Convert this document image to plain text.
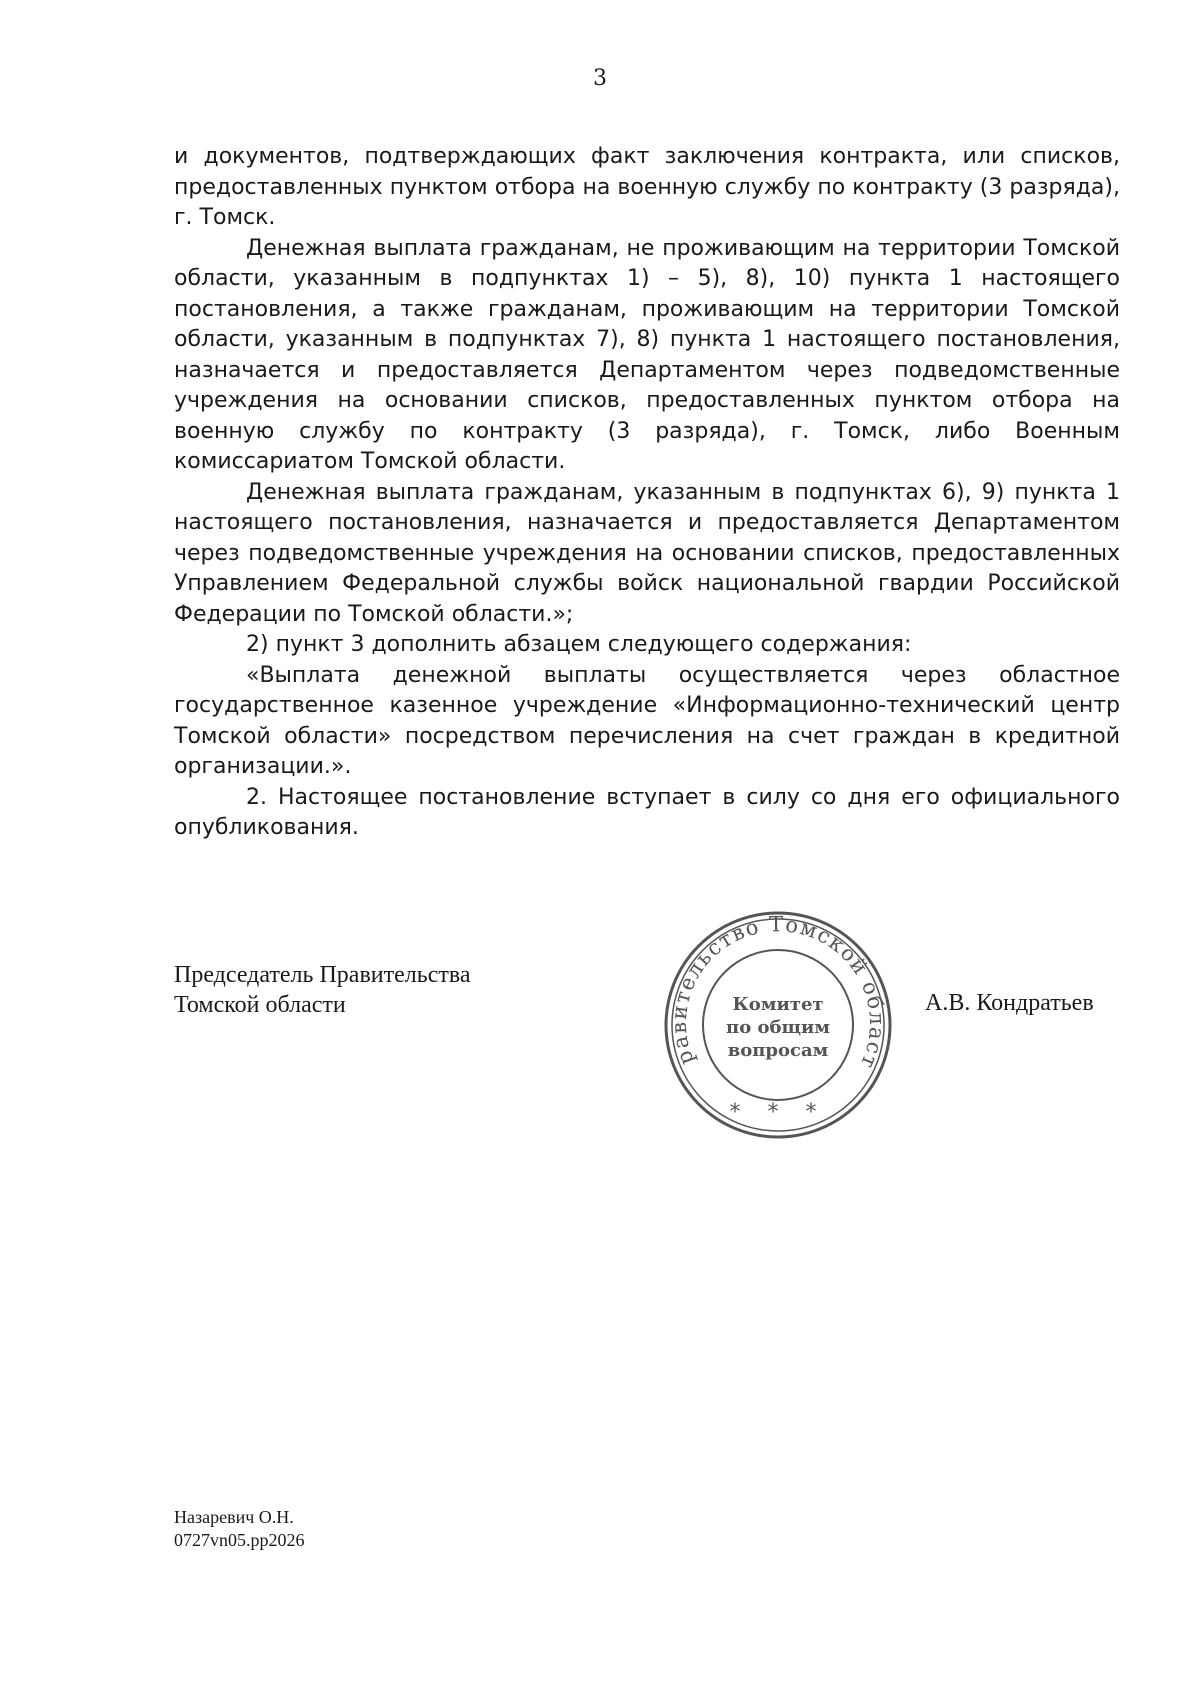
3

и документов, подтверждающих факт заключения контракта, или списков, предоставленных пунктом отбора на военную службу по контракту (3 разряда), г. Томск.

Денежная выплата гражданам, не проживающим на территории Томской области, указанным в подпунктах 1) – 5), 8), 10) пункта 1 настоящего постановления, а также гражданам, проживающим на территории Томской области, указанным в подпунктах 7), 8) пункта 1 настоящего постановления, назначается и предоставляется Департаментом через подведомственные учреждения на основании списков, предоставленных пунктом отбора на военную службу по контракту (3 разряда), г. Томск, либо Военным комиссариатом Томской области.

Денежная выплата гражданам, указанным в подпунктах 6), 9) пункта 1 настоящего постановления, назначается и предоставляется Департаментом через подведомственные учреждения на основании списков, предоставленных Управлением Федеральной службы войск национальной гвардии Российской Федерации по Томской области.»;

2) пункт 3 дополнить абзацем следующего содержания:

«Выплата денежной выплаты осуществляется через областное государственное казенное учреждение «Информационно-технический центр Томской области» посредством перечисления на счет граждан в кредитной организации.».

2. Настоящее постановление вступает в силу со дня его официального опубликования.

Председатель Правительства
Томской области
равительство Томской област
Комитет
по общим
вопросам
* * *
А.В. Кондратьев
Назаревич О.Н.
0727vn05.pp2026
